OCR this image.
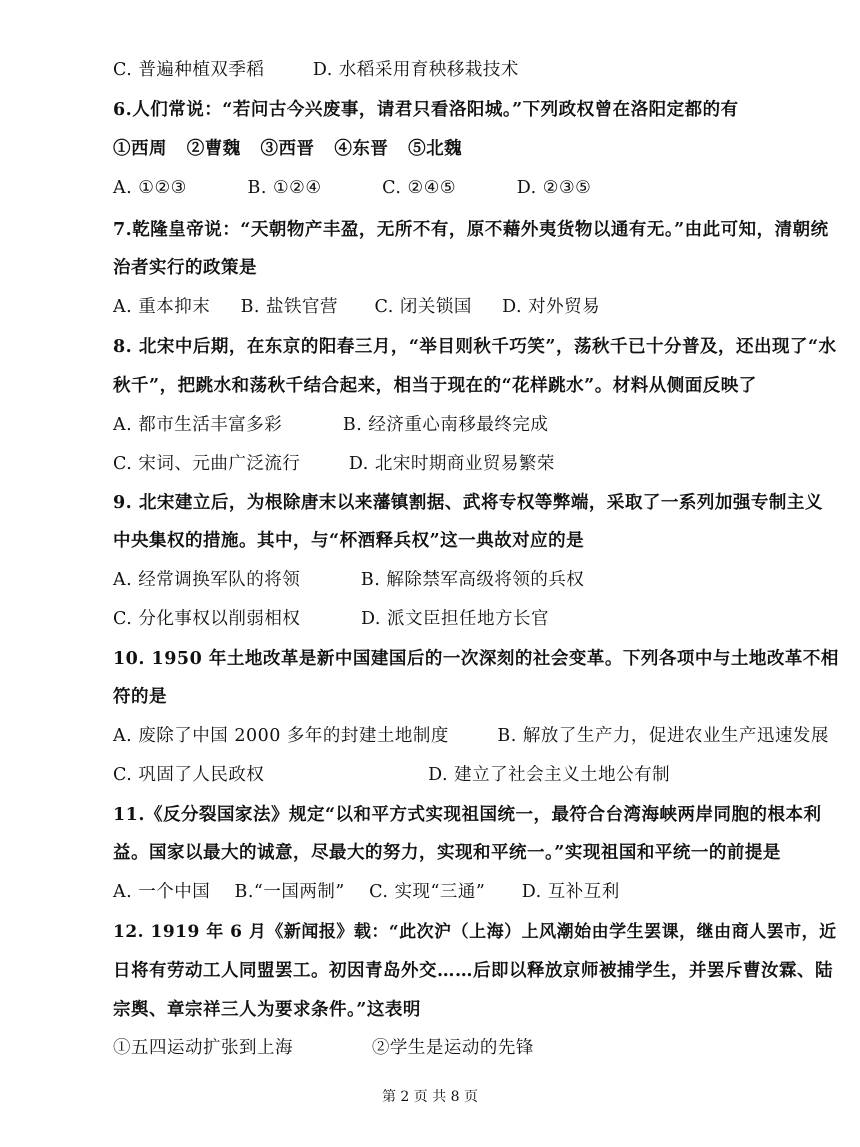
C. 普遍种植双季稻        D. 水稻采用育秧移栽技术
6.人们常说：“若问古今兴废事，请君只看洛阳城。”下列政权曾在洛阳定都的有
①西周   ②曹魏   ③西晋   ④东晋   ⑤北魏
A. ①②③          B. ①②④          C. ②④⑤          D. ②③⑤
7.乾隆皇帝说：“天朝物产丰盈，无所不有，原不藉外夷货物以通有无。”由此可知，清朝统
治者实行的政策是
A. 重本抑末     B. 盐铁官营      C. 闭关锁国     D. 对外贸易
8. 北宋中后期，在东京的阳春三月，“举目则秋千巧笑”，荡秋千已十分普及，还出现了“水
秋千”，把跳水和荡秋千结合起来，相当于现在的“花样跳水”。材料从侧面反映了
A. 都市生活丰富多彩          B. 经济重心南移最终完成
C. 宋词、元曲广泛流行        D. 北宋时期商业贸易繁荣
9. 北宋建立后，为根除唐末以来藩镇割据、武将专权等弊端，采取了一系列加强专制主义
中央集权的措施。其中，与“杯酒释兵权”这一典故对应的是
A. 经常调换军队的将领          B. 解除禁军高级将领的兵权
C. 分化事权以削弱相权          D. 派文臣担任地方长官
10. 1950 年土地改革是新中国建国后的一次深刻的社会变革。下列各项中与土地改革不相
符的是
A. 废除了中国 2000 多年的封建土地制度        B. 解放了生产力，促进农业生产迅速发展
C. 巩固了人民政权                           D. 建立了社会主义土地公有制
11.《反分裂国家法》规定“以和平方式实现祖国统一，最符合台湾海峡两岸同胞的根本利
益。国家以最大的诚意，尽最大的努力，实现和平统一。”实现祖国和平统一的前提是
A. 一个中国    B.“一国两制”    C. 实现“三通”      D. 互补互利
12. 1919 年 6 月《新闻报》载：“此次沪（上海）上风潮始由学生罢课，继由商人罢市，近
日将有劳动工人同盟罢工。初因青岛外交……后即以释放京师被捕学生，并罢斥曹汝霖、陆
宗舆、章宗祥三人为要求条件。”这表明
①五四运动扩张到上海             ②学生是运动的先锋
第 2 页 共 8 页
